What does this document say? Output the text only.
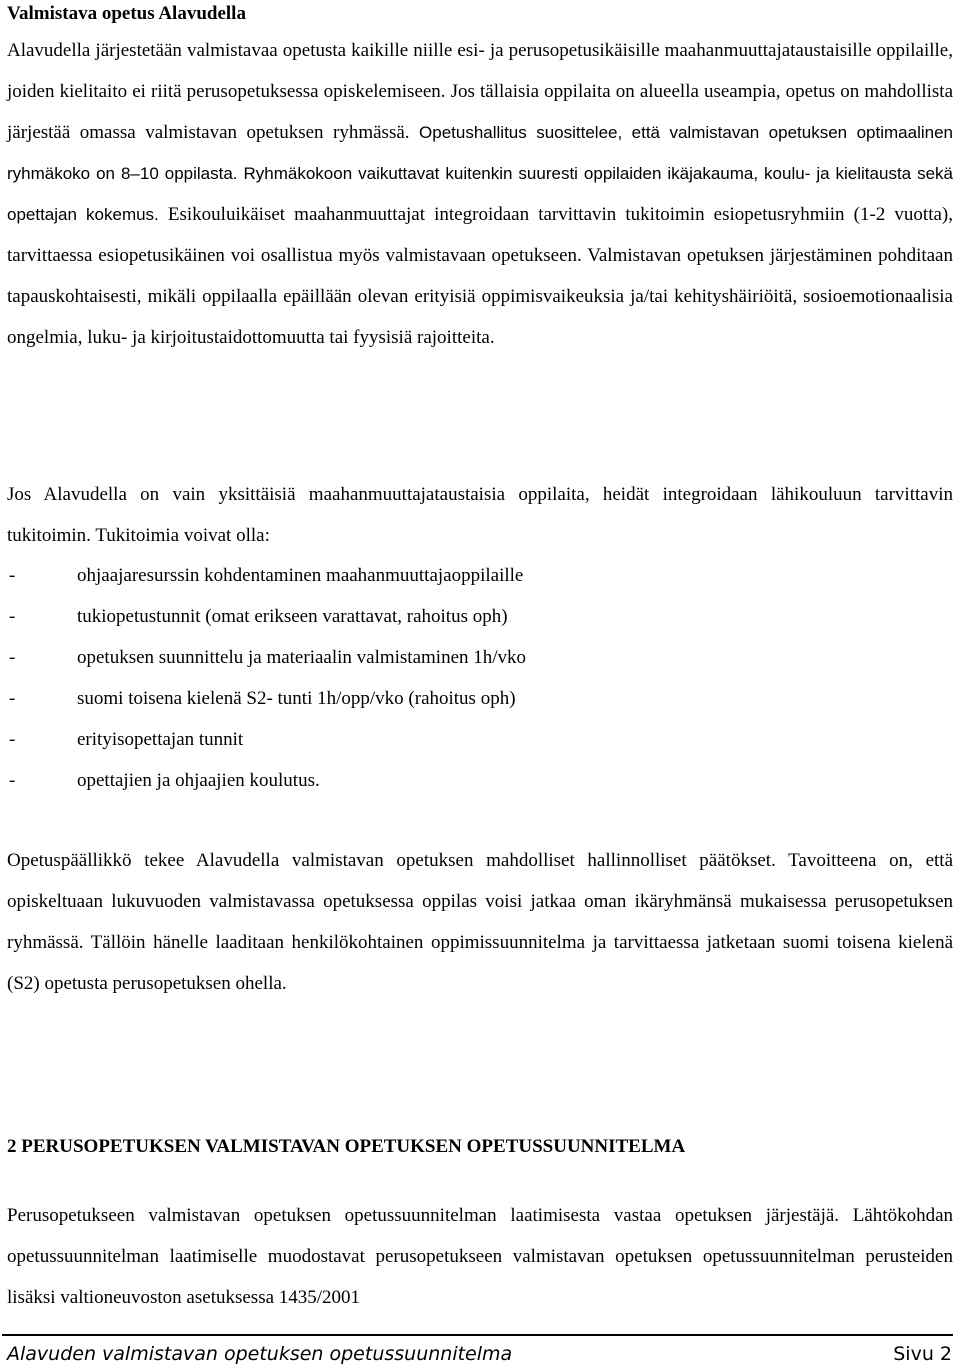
Valmistava opetus Alavudella

Alavudella järjestetään valmistavaa opetusta kaikille niille esi- ja perusopetusikäisille maahanmuuttajataustaisille oppilaille, joiden kielitaito ei riitä perusopetuksessa opiskelemiseen. Jos tällaisia oppilaita on alueella useampia, opetus on mahdollista järjestää omassa valmistavan opetuksen ryhmässä. Opetushallitus suosittelee, että valmistavan opetuksen optimaalinen ryhmäkoko on 8–10 oppilasta. Ryhmäkokoon vaikuttavat kuitenkin suuresti oppilaiden ikäjakauma, koulu- ja kielitausta sekä opettajan kokemus. Esikouluikäiset maahanmuuttajat integroidaan tarvittavin tukitoimin esiopetusryhmiin (1-2 vuotta), tarvittaessa esiopetusikäinen voi osallistua myös valmistavaan opetukseen. Valmistavan opetuksen järjestäminen pohditaan tapauskohtaisesti, mikäli oppilaalla epäillään olevan erityisiä oppimisvaikeuksia ja/tai kehityshäiriöitä, sosioemotionaalisia ongelmia, luku- ja kirjoitustaidottomuutta tai fyysisiä rajoitteita.

Jos Alavudella on vain yksittäisiä maahanmuuttajataustaisia oppilaita, heidät integroidaan lähikouluun tarvittavin tukitoimin. Tukitoimia voivat olla:

-	ohjaajaresurssin kohdentaminen maahanmuuttajaoppilaille
-	tukiopetustunnit (omat erikseen varattavat, rahoitus oph)
-	opetuksen suunnittelu ja materiaalin valmistaminen 1h/vko
-	suomi toisena kielenä S2- tunti 1h/opp/vko (rahoitus oph)
-	erityisopettajan tunnit
-	opettajien ja ohjaajien koulutus.

Opetuspäällikkö tekee Alavudella valmistavan opetuksen mahdolliset hallinnolliset päätökset. Tavoitteena on, että opiskeltuaan lukuvuoden valmistavassa opetuksessa oppilas voisi jatkaa oman ikäryhmänsä mukaisessa perusopetuksen ryhmässä. Tällöin hänelle laaditaan henkilökohtainen oppimissuunnitelma ja tarvittaessa jatketaan suomi toisena kielenä (S2) opetusta perusopetuksen ohella.

2 PERUSOPETUKSEN VALMISTAVAN OPETUKSEN OPETUSSUUNNITELMA

Perusopetukseen valmistavan opetuksen opetussuunnitelman laatimisesta vastaa opetuksen järjestäjä. Lähtökohdan opetussuunnitelman laatimiselle muodostavat perusopetukseen valmistavan opetuksen opetussuunnitelman perusteiden lisäksi valtioneuvoston asetuksessa 1435/2001

Alavuden valmistavan opetuksen opetussuunnitelma	Sivu 2
